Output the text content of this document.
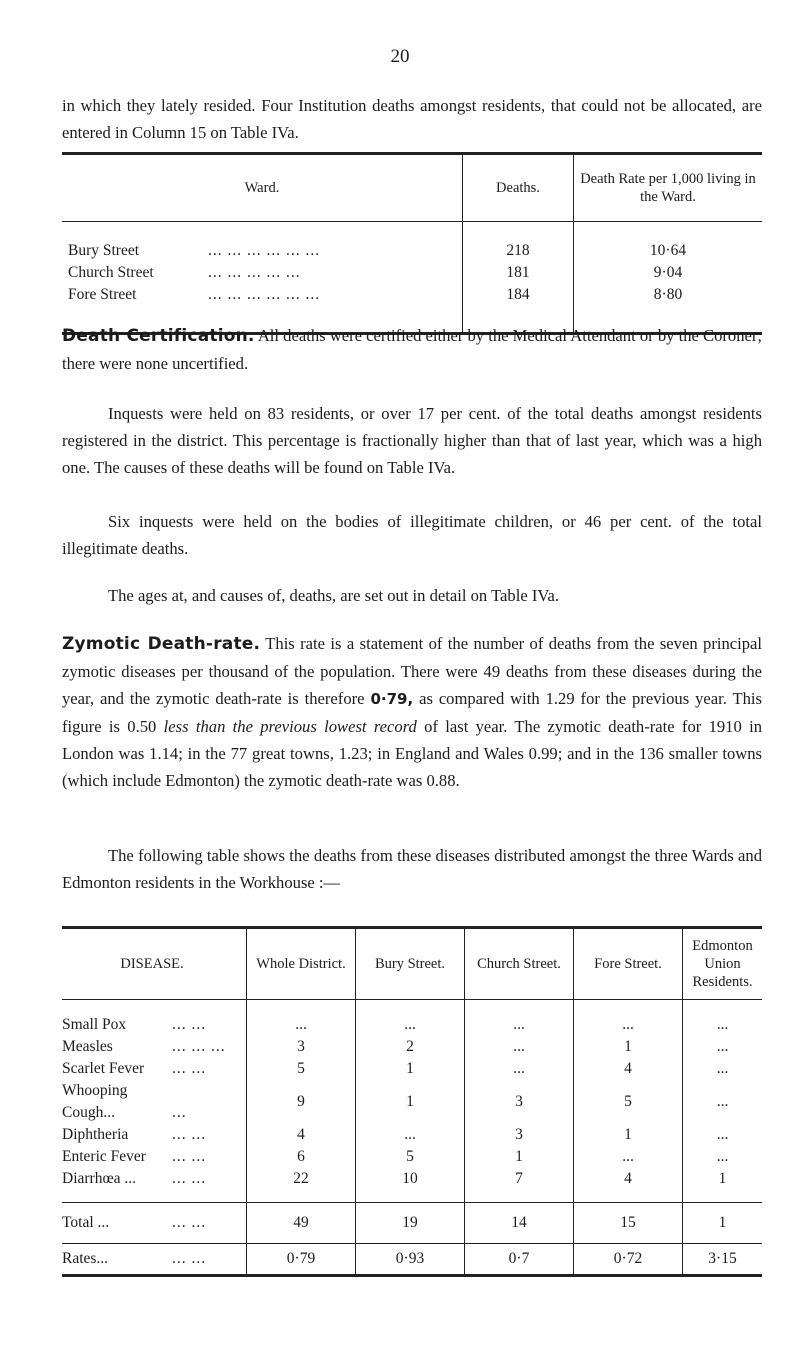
20

in which they lately resided. Four Institution deaths amongst residents, that could not be allocated, are entered in Column 15 on Table IVa.

Ward.	Deaths.	Death Rate per 1,000 living in the Ward.
Bury Street ... ... ... ... ... ...	218	10·64
Church Street ... ... ... ... ...	181	9·04
Fore Street ... ... ... ... ... ...	184	8·80

Death Certification. All deaths were certified either by the Medical Attendant or by the Coroner; there were none uncertified.

Inquests were held on 83 residents, or over 17 per cent. of the total deaths amongst residents registered in the district. This percentage is fractionally higher than that of last year, which was a high one. The causes of these deaths will be found on Table IVa.

Six inquests were held on the bodies of illegitimate children, or 46 per cent. of the total illegitimate deaths.

The ages at, and causes of, deaths, are set out in detail on Table IVa.

Zymotic Death-rate. This rate is a statement of the number of deaths from the seven principal zymotic diseases per thousand of the population. There were 49 deaths from these diseases during the year, and the zymotic death-rate is therefore 0·79, as compared with 1.29 for the previous year. This figure is 0.50 less than the previous lowest record of last year. The zymotic death-rate for 1910 in London was 1.14; in the 77 great towns, 1.23; in England and Wales 0.99; and in the 136 smaller towns (which include Edmonton) the zymotic death-rate was 0.88.

The following table shows the deaths from these diseases distributed amongst the three Wards and Edmonton residents in the Workhouse :—

DISEASE.	Whole District.	Bury Street.	Church Street.	Fore Street.	Edmonton Union Residents.
Small Pox ... ...	...	...	...	...	...
Measles ... ... ...	3	2	...	1	...
Scarlet Fever ... ...	5	1	...	4	...
Whooping Cough... ...	9	1	3	5	...
Diphtheria ... ...	4	...	3	1	...
Enteric Fever ... ...	6	5	1	...	...
Diarrhœa ... ... ...	22	10	7	4	1
Total ... ... ...	49	19	14	15	1
Rates... ... ...	0·79	0·93	0·7	0·72	3·15
